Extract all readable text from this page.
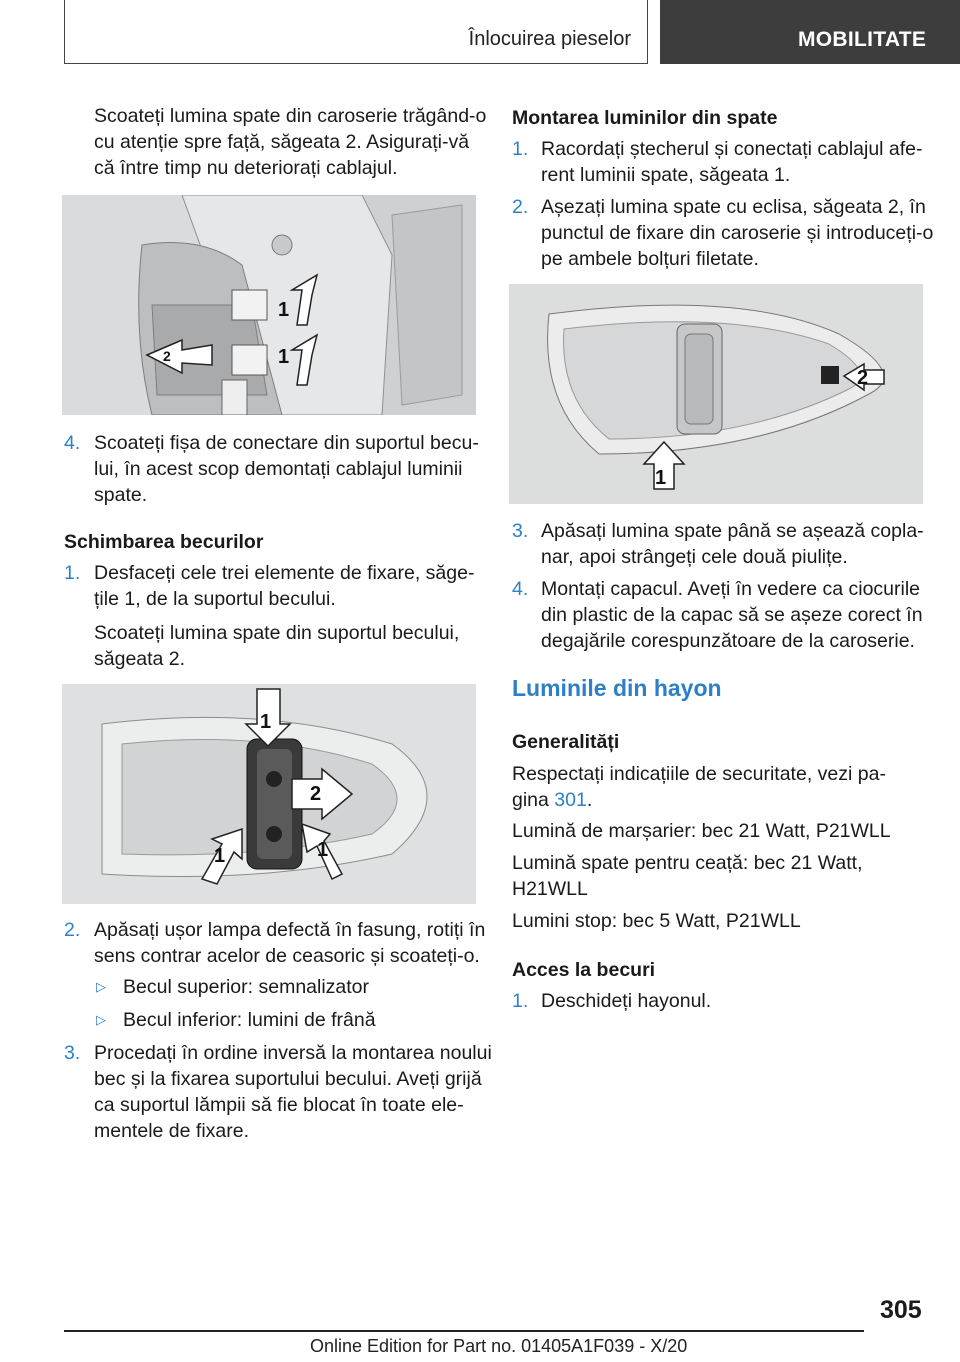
Înlocuirea pieselor	MOBILITATE

Scoateți lumina spate din caroserie trăgând-o

cu atenție spre față, săgeata 2. Asigurați-vă

că între timp nu deteriorați cablajul.

1
1
2
4. Scoateți fișa de conectare din suportul becu-

lui, în acest scop demontați cablajul luminii

spate.

Schimbarea becurilor
1. Desfaceți cele trei elemente de fixare, săge-

țile 1, de la suportul becului.

Scoateți lumina spate din suportul becului,

săgeata 2.

1
2
1	1
2. Apăsați ușor lampa defectă în fasung, rotiți în

sens contrar acelor de ceasoric și scoateți-o.

▷ Becul superior: semnalizator

▷ Becul inferior: lumini de frână

3. Procedați în ordine inversă la montarea noului

bec și la fixarea suportului becului. Aveți grijă

ca suportul lămpii să fie blocat în toate ele-

mentele de fixare.

Montarea luminilor din spate
1. Racordați ștecherul și conectați cablajul afe-

rent luminii spate, săgeata 1.

2. Așezați lumina spate cu eclisa, săgeata 2, în

punctul de fixare din caroserie și introduceți-o

pe ambele bolțuri filetate.

2
1
3. Apăsați lumina spate până se așează copla-

nar, apoi strângeți cele două piulițe.

4. Montați capacul. Aveți în vedere ca ciocurile

din plastic de la capac să se așeze corect în

degajările corespunzătoare de la caroserie.

Luminile din hayon
Generalități

Respectați indicațiile de securitate, vezi pa-

gina 301.

Lumină de marșarier: bec 21 Watt, P21WLL

Lumină spate pentru ceață: bec 21 Watt,

H21WLL

Lumini stop: bec 5 Watt, P21WLL

Acces la becuri
1. Deschideți hayonul.

305
Online Edition for Part no. 01405A1F039 - X/20
